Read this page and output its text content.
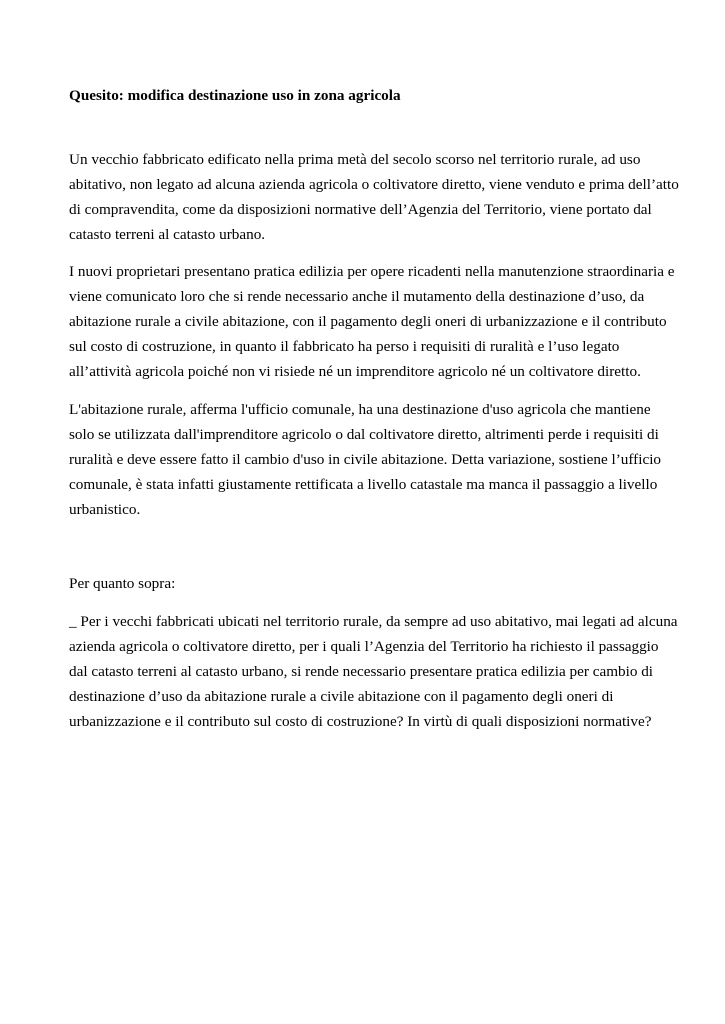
Quesito: modifica destinazione uso in zona agricola
Un vecchio fabbricato edificato nella prima metà del secolo scorso nel territorio rurale, ad uso
abitativo, non legato ad alcuna azienda agricola o coltivatore diretto, viene venduto e prima dell’atto
di compravendita, come da disposizioni normative dell’Agenzia del Territorio, viene portato dal
catasto terreni al catasto urbano.
I nuovi proprietari presentano pratica edilizia per opere ricadenti nella manutenzione straordinaria e
viene comunicato loro che si rende necessario anche il mutamento della destinazione d’uso, da
abitazione rurale a civile abitazione, con il pagamento degli oneri di urbanizzazione e il contributo
sul costo di costruzione, in quanto il fabbricato ha perso i requisiti di ruralità e l’uso legato
all’attività agricola poiché non vi risiede né un imprenditore agricolo né un coltivatore diretto.
L'abitazione rurale, afferma l'ufficio comunale, ha una destinazione d'uso agricola che mantiene
solo se utilizzata dall'imprenditore agricolo o dal coltivatore diretto, altrimenti perde i requisiti di
ruralità e deve essere fatto il cambio d'uso in civile abitazione. Detta variazione, sostiene l’ufficio
comunale, è stata infatti giustamente rettificata a livello catastale ma manca il passaggio a livello
urbanistico.
Per quanto sopra:
_ Per i vecchi fabbricati ubicati nel territorio rurale, da sempre ad uso abitativo, mai legati ad alcuna
azienda agricola o coltivatore diretto, per i quali l’Agenzia del Territorio ha richiesto il passaggio
dal catasto terreni al catasto urbano, si rende necessario presentare pratica edilizia per cambio di
destinazione d’uso da abitazione rurale a civile abitazione con il pagamento degli oneri di
urbanizzazione e il contributo sul costo di costruzione? In virtù di quali disposizioni normative?
